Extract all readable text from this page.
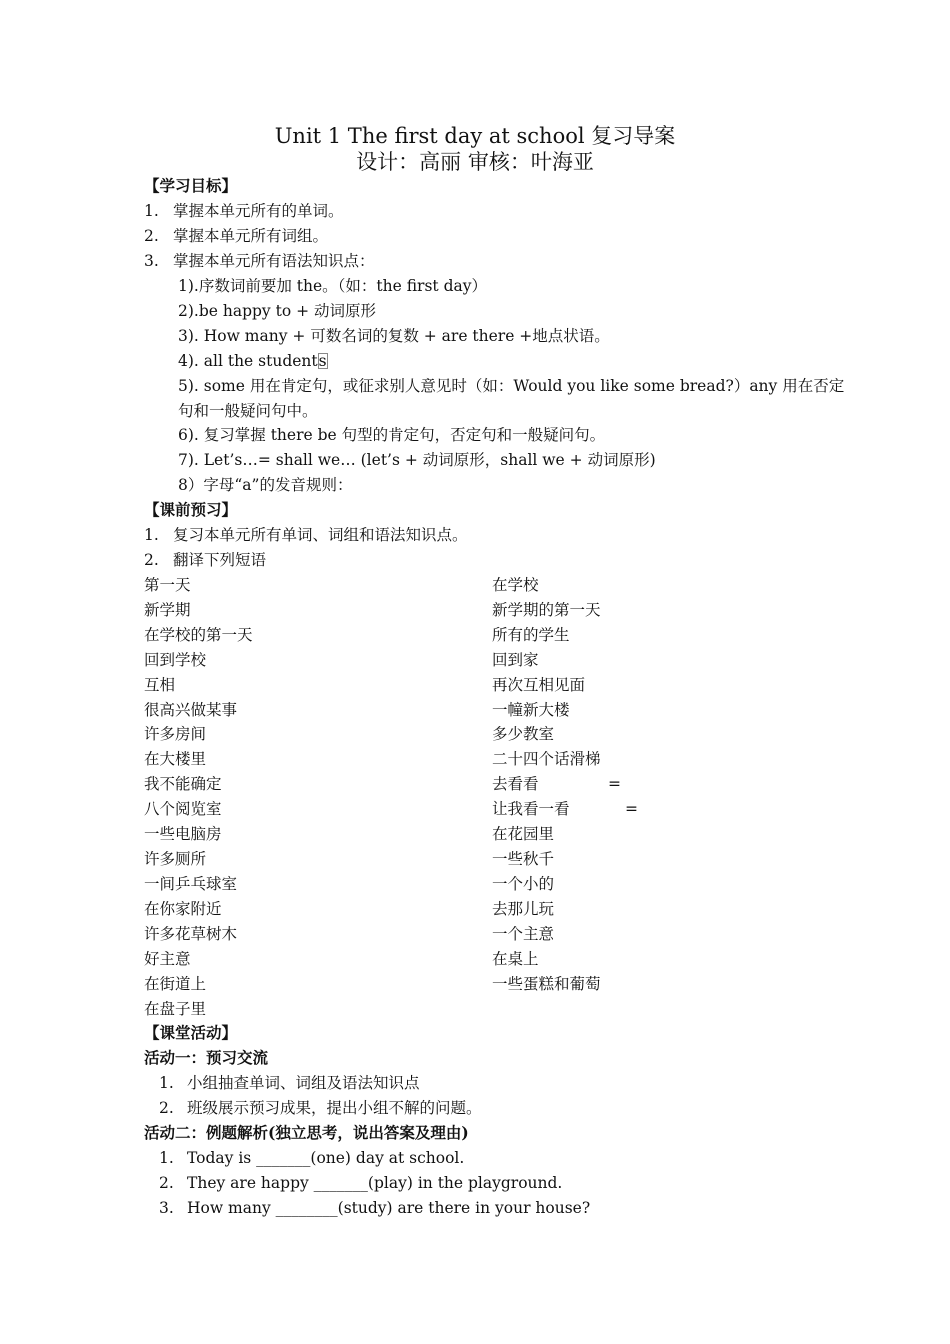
Unit 1 The first day at school 复习导案
设计：高丽 审核：叶海亚
【学习目标】
1. 掌握本单元所有的单词。
2. 掌握本单元所有词组。
3. 掌握本单元所有语法知识点：
1).序数词前要加 the。（如：the first day）
2).be happy to + 动词原形
3). How many + 可数名词的复数 + are there +地点状语。
4). all the students
5). some 用在肯定句，或征求别人意见时（如：Would you like some bread?）any 用在否定
句和一般疑问句中。
6). 复习掌握 there be 句型的肯定句，否定句和一般疑问句。
7). Let’s…= shall we… (let’s + 动词原形，shall we + 动词原形)
8）字母“a”的发音规则：
【课前预习】
1. 复习本单元所有单词、词组和语法知识点。
2. 翻译下列短语
第一天
新学期
在学校的第一天
回到学校
互相
很高兴做某事
许多房间
在大楼里
我不能确定
八个阅览室
一些电脑房
许多厕所
一间乒乓球室
在你家附近
许多花草树木
好主意
在街道上
在盘子里
在学校
新学期的第一天
所有的学生
回到家
再次互相见面
一幢新大楼
多少教室
二十四个话滑梯
去看看	=
让我看一看	=
在花园里
一些秋千
一个小的
去那儿玩
一个主意
在桌上
一些蛋糕和葡萄
【课堂活动】
活动一：预习交流
1. 小组抽查单词、词组及语法知识点
2. 班级展示预习成果，提出小组不解的问题。
活动二：例题解析(独立思考，说出答案及理由)
1. Today is _______(one) day at school.
2. They are happy _______(play) in the playground.
3. How many ________(study) are there in your house?
